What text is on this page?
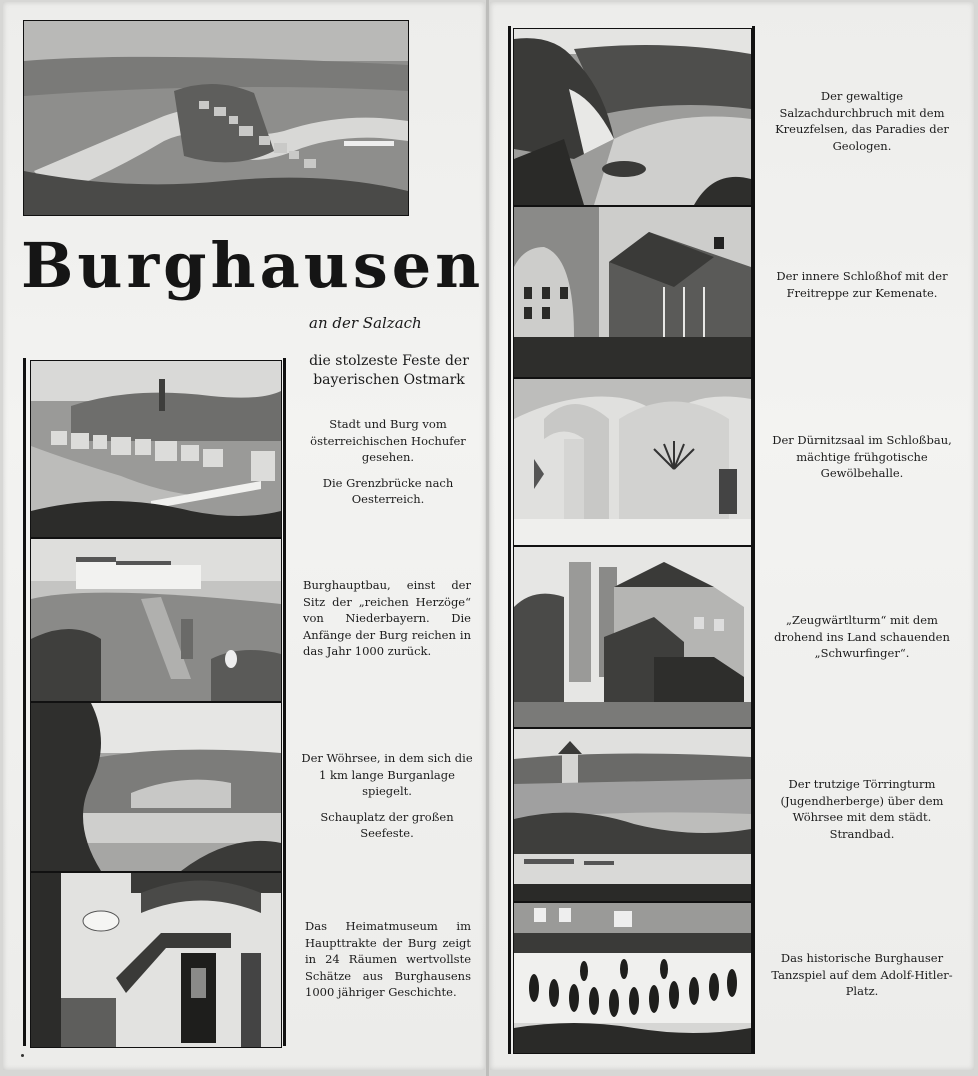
Burghausen
an der Salzach
die stolzeste Feste der bayerischen Ostmark

Stadt und Burg vom österreichischen Hochufer gesehen.

Die Grenzbrücke nach Oesterreich.

Burghauptbau, einst der Sitz der „reichen Herzöge“ von Niederbayern. Die Anfänge der Burg reichen in das Jahr 1000 zurück.

Der Wöhrsee, in dem sich die 1 km lange Burganlage spiegelt.

Schauplatz der großen Seefeste.

Das Heimatmuseum im Haupttrakte der Burg zeigt in 24 Räumen wertvollste Schätze aus Burghausens 1000 jähriger Geschichte.

Der gewaltige Salzachdurchbruch mit dem Kreuzfelsen, das Paradies der Geologen.

Der innere Schloßhof mit der Freitreppe zur Kemenate.

Der Dürnitzsaal im Schloßbau, mächtige frühgotische Gewölbehalle.

„Zeugwärtlturm“ mit dem drohend ins Land schauenden „Schwurfinger“.

Der trutzige Törringturm (Jugendherberge) über dem Wöhrsee mit dem städt. Strandbad.

Das historische Burghauser Tanzspiel auf dem Adolf-Hitler-Platz.
